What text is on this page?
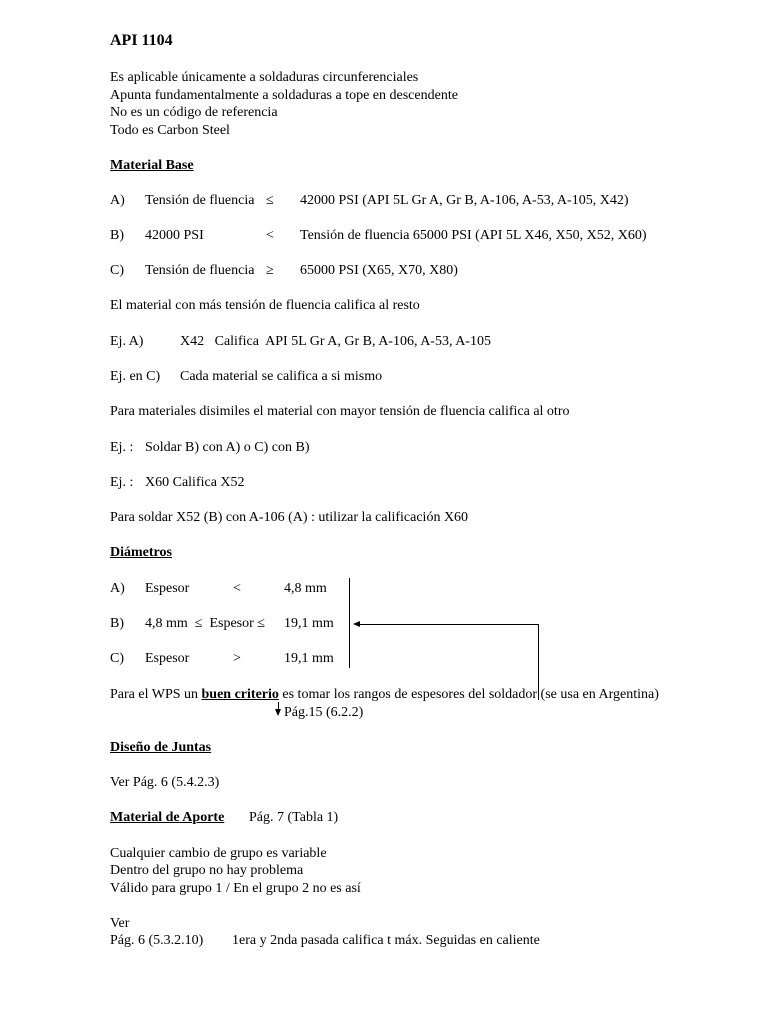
API 1104
Es aplicable únicamente a soldaduras circunferenciales
Apunta fundamentalmente a soldaduras a tope en descendente
No es un código de referencia
Todo es Carbon Steel
Material Base
A) Tensión de fluencia ≤ 42000 PSI (API 5L Gr A, Gr B, A-106, A-53, A-105, X42)
B) 42000 PSI	< Tensión de fluencia 65000 PSI (API 5L X46, X50, X52, X60)
C) Tensión de fluencia ≥ 65000 PSI (X65, X70, X80)
El material con más tensión de fluencia califica al resto
Ej. A)	X42   Califica  API 5L Gr A, Gr B, A-106, A-53, A-105
Ej. en C) Cada material se califica a si mismo
Para materiales disimiles el material con mayor tensión de fluencia califica al otro
Ej. : Soldar B) con A) o C) con B)
Ej. : X60 Califica X52
Para soldar X52 (B) con A-106 (A) : utilizar la calificación X60
Diámetros
A) Espesor	<	4,8 mm
B) 4,8 mm  ≤  Espesor ≤ 19,1 mm
C) Espesor	>	19,1 mm
Para el WPS un buen criterio es tomar los rangos de espesores del soldador (se usa en Argentina)
Pág.15 (6.2.2)
Diseño de Juntas
Ver Pág. 6 (5.4.2.3)
Material de Aporte Pág. 7 (Tabla 1)
Cualquier cambio de grupo es variable
Dentro del grupo no hay problema
Válido para grupo 1 / En el grupo 2 no es así
Ver
Pág. 6 (5.3.2.10) 1era y 2nda pasada califica t máx. Seguidas en caliente
